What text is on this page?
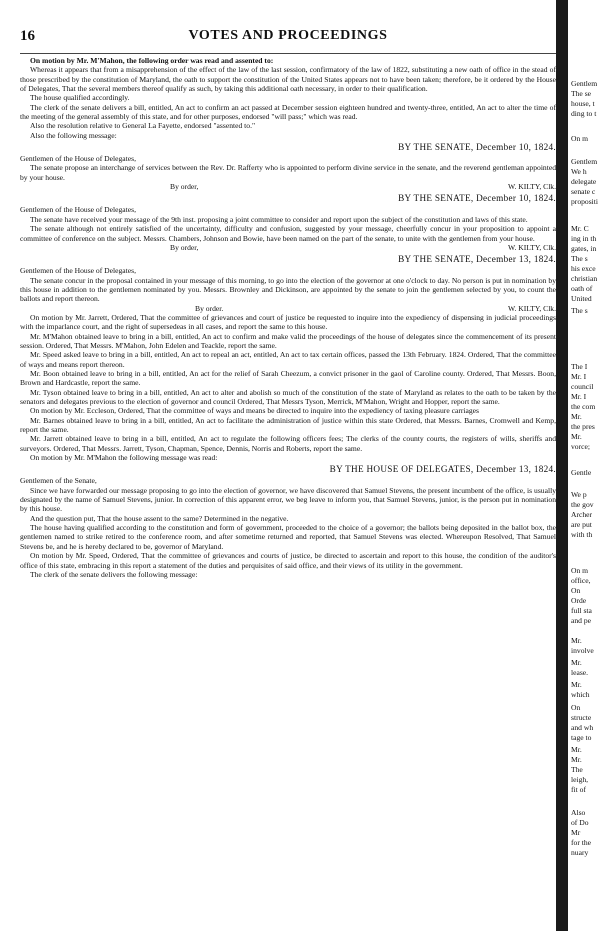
16	VOTES AND PROCEEDINGS

On motion by Mr. M'Mahon, the following order was read and assented to:

Whereas it appears that from a misapprehension of the effect of the law of the last session, confirmatory of the law of 1822, substituting a new oath of office in the stead of those prescribed by the constitution of Maryland, the oath to support the constitution of the United States appears not to have been taken; therefore, be it ordered by the House of Delegates, That the several members thereof qualify as such, by taking this additional oath necessary, in order to their qualification.

The house qualified accordingly.

The clerk of the senate delivers a bill, entitled, An act to confirm an act passed at December session eighteen hundred and twenty-three, entitled, An act to alter the time of the meeting of the general assembly of this state, and for other purposes, endorsed "will pass;" which was read.

Also the resolution relative to General La Fayette, endorsed "assented to."

Also the following message:

BY THE SENATE, December 10, 1824.

Gentlemen of the House of Delegates,

The senate propose an interchange of services between the Rev. Dr. Rafferty who is appointed to perform divine service in the senate, and the reverend gentleman appointed by your house.

By order,	W. KILTY, Clk.
BY THE SENATE, December 10, 1824.

Gentlemen of the House of Delegates,

The senate have received your message of the 9th inst. proposing a joint committee to consider and report upon the subject of the constitution and laws of this state.

The senate although not entirely satisfied of the uncertainty, difficulty and confusion, suggested by your message, cheerfully concur in your proposition to appoint a committee of conference on the subject. Messrs. Chambers, Johnson and Bowie, have been named on the part of the senate, to unite with the gentlemen from your house.

By order,	W. KILTY, Clk.
BY THE SENATE, December 13, 1824.

Gentlemen of the House of Delegates,

The senate concur in the proposal contained in your message of this morning, to go into the election of the governor at one o'clock to day. No person is put in nomination by this house in addition to the gentlemen nominated by you. Messrs. Brownley and Dickinson, are appointed by the senate to join the gentlemen selected by you, to count the ballots and report thereon.

By order.	W. KILTY, Clk.

On motion by Mr. Jarrett, Ordered, That the committee of grievances and court of justice be requested to inquire into the expediency of dispensing in judicial proceedings with the imparlance court, and the right of supersedeas in all cases, and report the same to this house.

Mr. M'Mahon obtained leave to bring in a bill, entitled, An act to confirm and make valid the proceedings of the house of delegates since the commencement of its present session. Ordered, That Messrs. M'Mahon, John Edelen and Teackle, report the same.

Mr. Speed asked leave to bring in a bill, entitled, An act to repeal an act, entitled, An act to tax certain offices, passed the 13th February. 1824. Ordered, That the committee of ways and means report thereon.

Mr. Boon obtained leave to bring in a bill, entitled, An act for the relief of Sarah Cheezum, a convict prisoner in the gaol of Caroline county. Ordered, That Messrs. Boon, Brown and Hardcastle, report the same.

Mr. Tyson obtained leave to bring in a bill, entitled, An act to alter and abolish so much of the constitution of the state of Maryland as relates to the oath to be taken by the senators and delegates previous to the election of governor and council Ordered, That Messrs Tyson, Merrick, M'Mahon, Wright and Hopper, report the same.

On motion by Mr. Eccleson, Ordered, That the committee of ways and means be directed to inquire into the expediency of taxing pleasure carriages

Mr. Barnes obtained leave to bring in a bill, entitled, An act to facilitate the administration of justice within this state Ordered, that Messrs. Barnes, Cromwell and Kemp, report the same.

Mr. Jarrett obtained leave to bring in a bill, entitled, An act to regulate the following officers fees; The clerks of the county courts, the registers of wills, sheriffs and surveyors. Ordered, That Messrs. Jarrett, Tyson, Chapman, Spence, Dennis, Norris and Roberts, report the same.

On motion by Mr. M'Mahon the following message was read:

BY THE HOUSE OF DELEGATES, December 13, 1824.

Gentlemen of the Senate,

Since we have forwarded our message proposing to go into the election of governor, we have discovered that Samuel Stevens, the present incumbent of the office, is usually designated by the name of Samuel Stevens, junior. In correction of this apparent error, we beg leave to inform you, that Samuel Stevens, junior, is the person put in nomination by this house.

And the question put, That the house assent to the same? Determined in the negative.

The house having qualified according to the constitution and form of government, proceeded to the choice of a governor; the ballots being deposited in the ballot box, the gentlemen named to strike retired to the conference room, and after sometime returned and reported, that Samuel Stevens was elected. Whereupon Resolved, That Samuel Stevens be, and he is hereby declared to be, governor of Maryland.

On motion by Mr. Speed, Ordered, That the committee of grievances and courts of justice, be directed to ascertain and report to this house, the condition of the auditor's office of this state, embracing in this report a statement of the duties and perquisites of said office, and their views of its utility in the government.

The clerk of the senate delivers the following message:

Gentlem
The se
house, t
ding to t
On m
Gentlem
We h
delegate
senate c
propositi
Mr. C
ing in th
gates, in
The s
his exce
christian
oath of
United
The s
The I
Mr. I
council
Mr. I
the com
Mr.
the pres
Mr.
vorce;
Gentle
We p
the gov
Archer
are put
with th
On m
office,
On
Orde
full sta
and pe
Mr.
involve
Mr.
lease.
Mr.
which
On
structe
and wh
tage to
Mr.
Mr.
The
leigh,
fit of
Also
of Do
Mr
for the
nuary
